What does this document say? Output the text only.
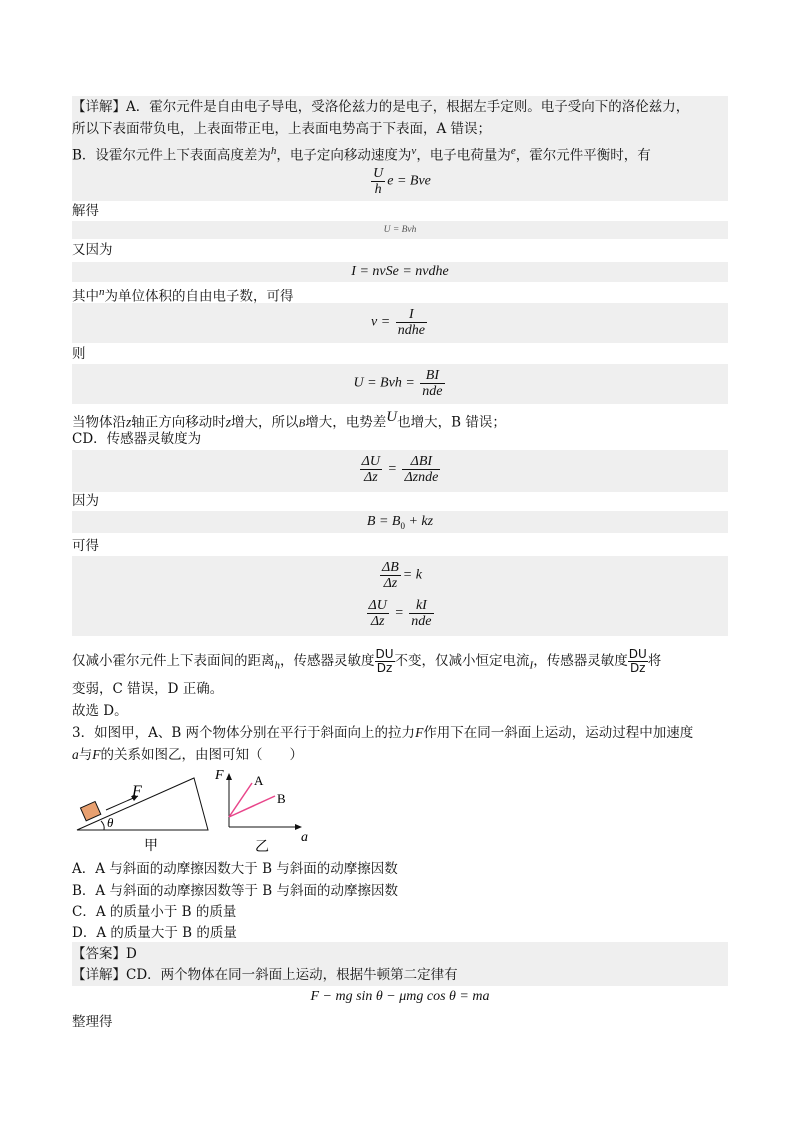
【详解】A．霍尔元件是自由电子导电，受洛伦兹力的是电子，根据左手定则。电子受向下的洛伦兹力，
所以下表面带负电，上表面带正电，上表面电势高于下表面，A 错误；
B．设霍尔元件上下表面高度差为$^h$，电子定向移动速度为$^v$，电子电荷量为$^e$，霍尔元件平衡时，有
$\frac{U}{h}$ e = Bve
解得
U = Bvh
又因为
I = nvSe = nvdhe
其中$^n$为单位体积的自由电子数，可得
$v = \frac{I}{\text{ndhe}}$
则
U = Bvh = $\frac{BI}{\text{nde}}$
当物体沿z轴正方向移动时z增大，所以B增大，电势差U也增大，B 错误；
CD．传感器灵敏度为
$\frac{\Delta U}{\Delta z} = \frac{\text{ΔBI}}{\text{Δznde}}$
因为
$B = B_0$ + kz
可得
$\frac{\Delta B}{\Delta z} = k$
$\frac{\Delta U}{\Delta z} = \frac{kI}{\text{nde}}$
仅减小霍尔元件上下表面间的距离$_h$，传感器灵敏度 $\frac{DU}{Dz}$ 不变，仅减小恒定电流$_I$，传感器灵敏度 $\frac{DU}{Dz}$ 将
变弱，C 错误，D 正确。
故选 D。
3．如图甲，A、B 两个物体分别在平行于斜面向上的拉力F作用下在同一斜面上运动，运动过程中加速度
a与F的关系如图乙，由图可知（　　）
F
θ
甲
F A
B
a
乙
A．A 与斜面的动摩擦因数大于 B 与斜面的动摩擦因数
B．A 与斜面的动摩擦因数等于 B 与斜面的动摩擦因数
C．A 的质量小于 B 的质量
D．A 的质量大于 B 的质量
【答案】D
【详解】CD．两个物体在同一斜面上运动，根据牛顿第二定律有
F − mg sin θ − μmg cos θ = ma
整理得
